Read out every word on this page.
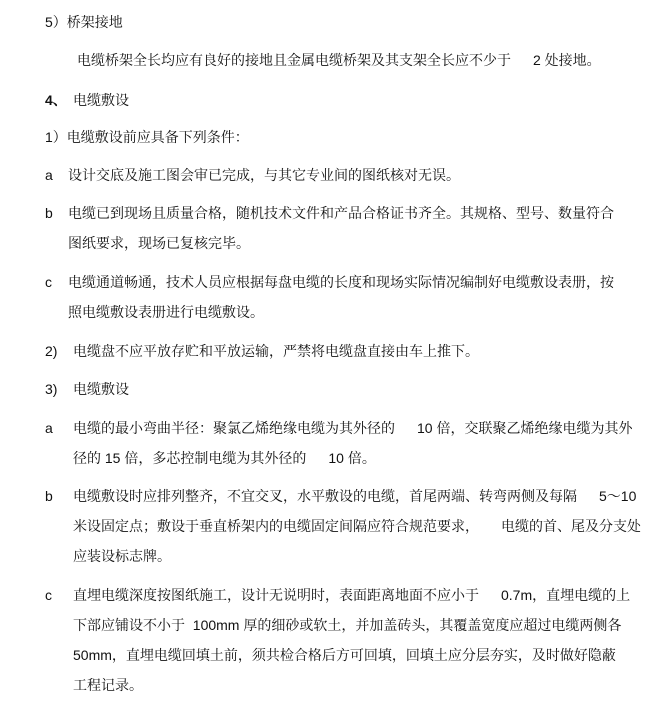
5）桥架接地
电缆桥架全长均应有良好的接地且金属电缆桥架及其支架全长应不少于 2 处接地。
4、 电缆敷设
1）电缆敷设前应具备下列条件：
a 设计交底及施工图会审已完成，与其它专业间的图纸核对无误。
b 电缆已到现场且质量合格，随机技术文件和产品合格证书齐全。其规格、型号、数量符合
图纸要求，现场已复核完毕。
c 电缆通道畅通，技术人员应根据每盘电缆的长度和现场实际情况编制好电缆敷设表册，按
照电缆敷设表册进行电缆敷设。
2) 电缆盘不应平放存贮和平放运输，严禁将电缆盘直接由车上推下。
3) 电缆敷设
a 电缆的最小弯曲半径：聚氯乙烯绝缘电缆为其外径的 10 倍，交联聚乙烯绝缘电缆为其外
径的 15 倍，多芯控制电缆为其外径的 10 倍。
b 电缆敷设时应排列整齐，不宜交叉，水平敷设的电缆，首尾两端、转弯两侧及每隔 5～10
米设固定点；敷设于垂直桥架内的电缆固定间隔应符合规范要求， 电缆的首、尾及分支处
应装设标志牌。
c 直埋电缆深度按图纸施工，设计无说明时，表面距离地面不应小于 0.7m，直埋电缆的上
下部应铺设不小于  100mm 厚的细砂或软土，并加盖砖头，其覆盖宽度应超过电缆两侧各
50mm，直埋电缆回填土前，须共检合格后方可回填，回填土应分层夯实，及时做好隐蔽
工程记录。
